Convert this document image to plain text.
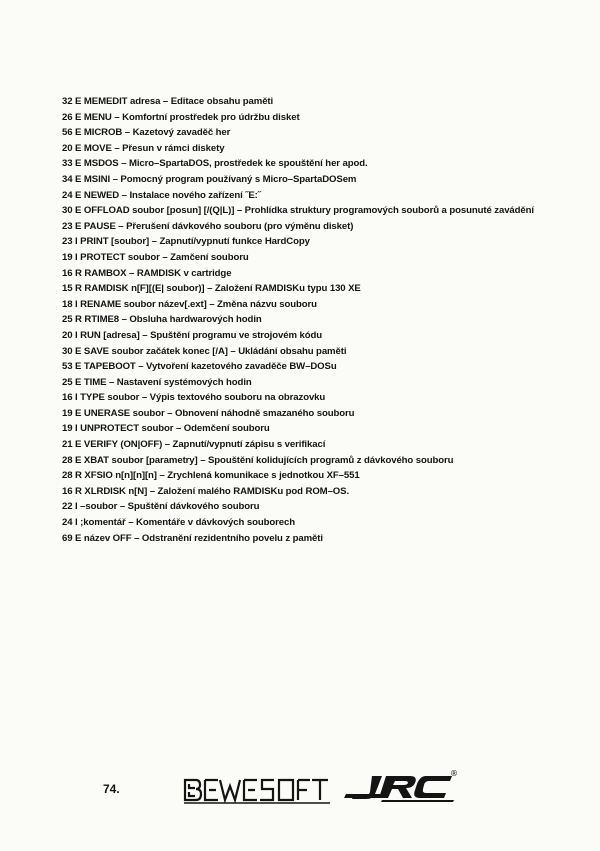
32 E MEMEDIT adresa – Editace obsahu paměti
26 E MENU – Komfortní prostředek pro údržbu disket
56 E MICROB – Kazetový zavaděč her
20 E MOVE – Přesun v rámci diskety
33 E MSDOS – Micro–SpartaDOS, prostředek ke spouštění her apod.
34 E MSINI – Pomocný program používaný s Micro–SpartaDOSem
24 E NEWED – Instalace nového zařízení ˝E:˝
30 E OFFLOAD soubor [posun] [/(Q|L)] – Prohlídka struktury programových souborů a posunuté zavádění
23 E PAUSE – Přerušení dávkového souboru (pro výměnu disket)
23 I PRINT [soubor] – Zapnutí/vypnutí funkce HardCopy
19 I PROTECT soubor – Zamčení souboru
16 R RAMBOX – RAMDISK v cartridge
15 R RAMDISK n[F][(E| soubor)] – Založení RAMDISKu typu 130 XE
18 I RENAME soubor název[.ext] – Změna názvu souboru
25 R RTIME8 – Obsluha hardwarových hodin
20 I RUN [adresa] – Spuštění programu ve strojovém kódu
30 E SAVE soubor začátek konec [/A] – Ukládání obsahu paměti
53 E TAPEBOOT – Vytvoření kazetového zavaděče BW–DOSu
25 E TIME – Nastavení systémových hodin
16 I TYPE soubor – Výpis textového souboru na obrazovku
19 E UNERASE soubor – Obnovení náhodně smazaného souboru
19 I UNPROTECT soubor – Odemčení souboru
21 E VERIFY (ON|OFF) – Zapnutí/vypnutí zápisu s verifikací
28 E XBAT soubor [parametry] – Spouštění kolidujících programů z dávkového souboru
28 R XFSIO n[n][n][n] – Zrychlená komunikace s jednotkou XF–551
16 R XLRDISK n[N] – Založení malého RAMDISKu pod ROM–OS.
22 I –soubor – Spuštění dávkového souboru
24 I ;komentář – Komentáře v dávkových souborech
69 E název OFF – Odstranění rezidentního povelu z paměti
74.
®
